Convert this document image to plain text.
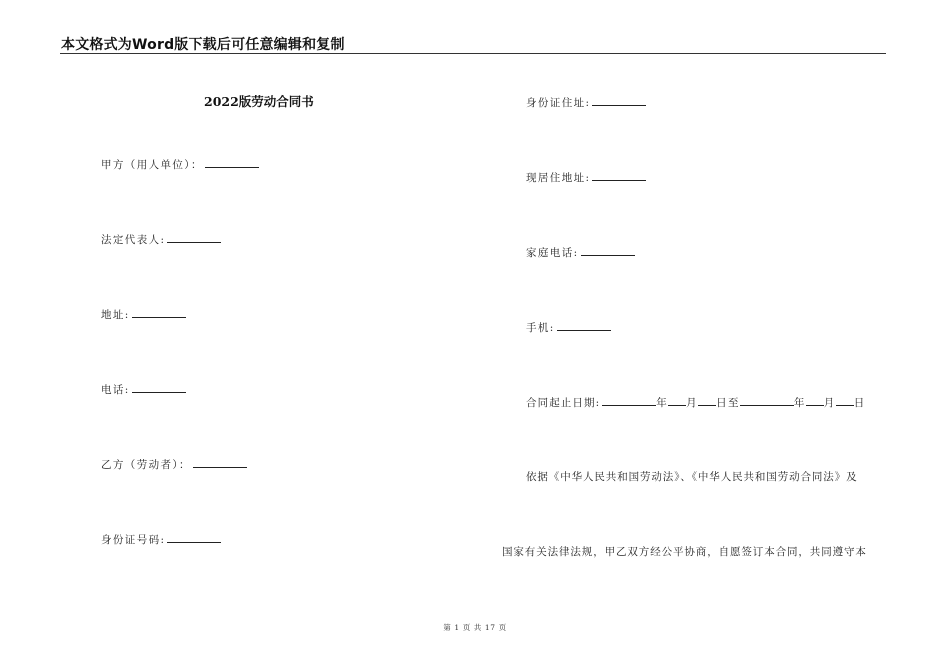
本文格式为Word版下载后可任意编辑和复制
2022版劳动合同书
甲方（用人单位）：
法定代表人:
地址:
电话:
乙方（劳动者）：
身份证号码:
身份证住址:
现居住地址:
家庭电话:
手机:
合同起止日期:	年 月 日至	年 月 日
依据《中华人民共和国劳动法》、《中华人民共和国劳动合同法》及
国家有关法律法规，甲乙双方经公平协商，自愿签订本合同，共同遵守本
第 1 页 共 17 页
